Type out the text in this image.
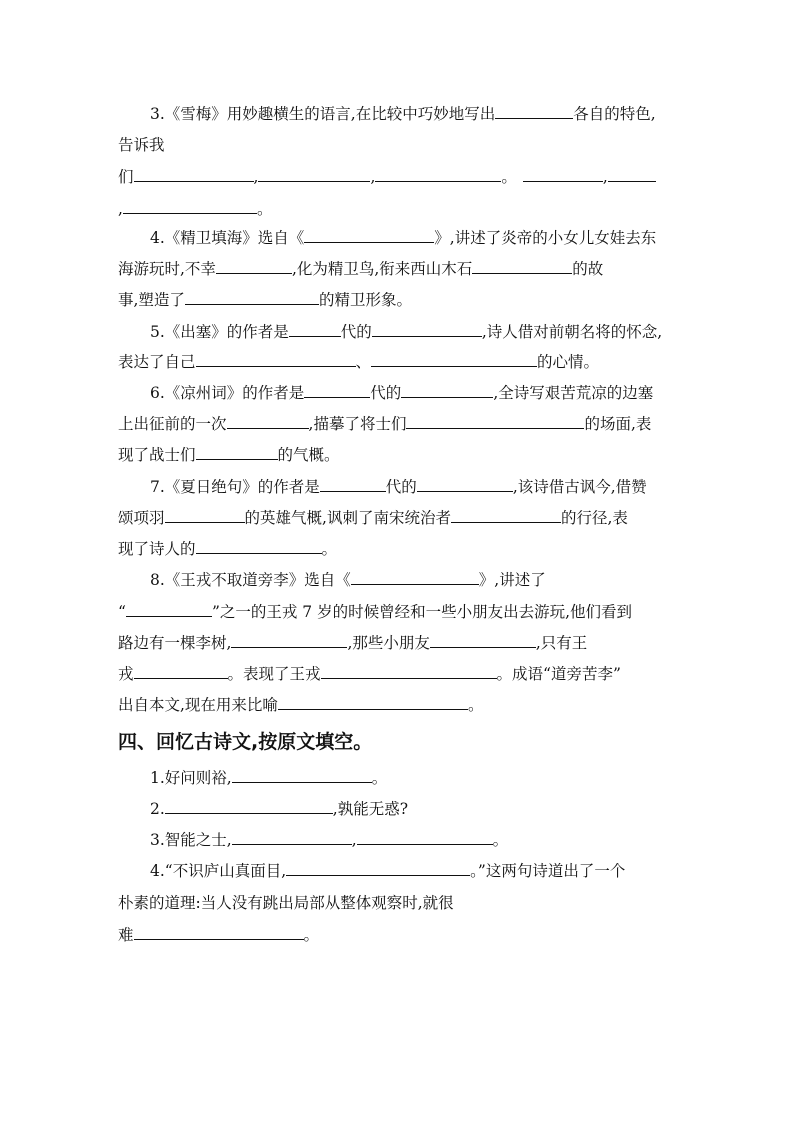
3.《雪梅》用妙趣横生的语言,在比较中巧妙地写出	各自的特色,
告诉我
们	,	,	。	,
,	。
4.《精卫填海》选自《	》,讲述了炎帝的小女儿女娃去东
海游玩时,不幸	,化为精卫鸟,衔来西山木石	的故
事,塑造了	的精卫形象。
5.《出塞》的作者是	代的	,诗人借对前朝名将的怀念,
表达了自己	、	的心情。
6.《凉州词》的作者是	代的	,全诗写艰苦荒凉的边塞
上出征前的一次	,描摹了将士们	的场面,表
现了战士们	的气概。
7.《夏日绝句》的作者是	代的	,该诗借古讽今,借赞
颂项羽	的英雄气概,讽刺了南宋统治者	的行径,表
现了诗人的	。
8.《王戎不取道旁李》选自《	》,讲述了
“	”之一的王戎 7 岁的时候曾经和一些小朋友出去游玩,他们看到
路边有一棵李树,	,那些小朋友	,只有王
戎	。表现了王戎	。成语“道旁苦李”
出自本文,现在用来比喻	。
四、回忆古诗文,按原文填空。
1.好问则裕,	。
2.	,孰能无惑?
3.智能之士,	,	。
4.“不识庐山真面目,	。”这两句诗道出了一个
朴素的道理:当人没有跳出局部从整体观察时,就很
难	。
